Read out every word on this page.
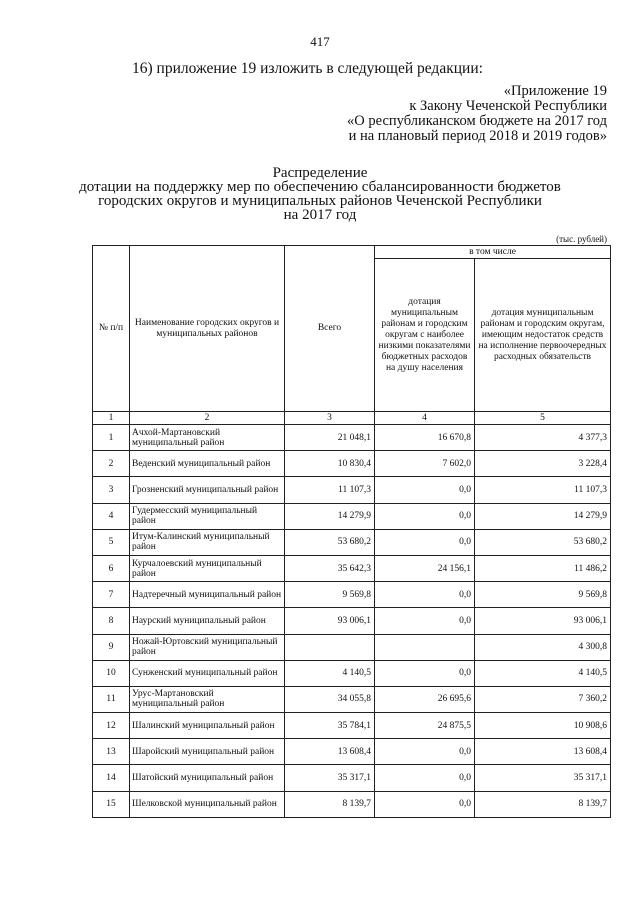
417
16) приложение 19 изложить в следующей редакции:
«Приложение 19
к Закону Чеченской Республики
«О республиканском бюджете на 2017 год
и на плановый период 2018 и 2019 годов»
Распределение
дотации на поддержку мер по обеспечению сбалансированности бюджетов
городских округов и муниципальных районов Чеченской Республики
на 2017 год
(тыс. рублей)
№ п/п	Наименование городских округов и муниципальных районов	Всего	в том числе	
			дотация муниципальным районам и городским округам с наиболее низкими показателями бюджетных расходов на душу населения	дотация муниципальным районам и городским округам, имеющим недостаток средств на исполнение первоочередных расходных обязательств
1	2	3	4	5
1	Ачхой-Мартановский муниципальный район	21 048,1	16 670,8	4 377,3
2	Веденский муниципальный район	10 830,4	7 602,0	3 228,4
3	Грозненский муниципальный район	11 107,3	0,0	11 107,3
4	Гудермесский муниципальный район	14 279,9	0,0	14 279,9
5	Итум-Калинский муниципальный район	53 680,2	0,0	53 680,2
6	Курчалоевский муниципальный район	35 642,3	24 156,1	11 486,2
7	Надтеречный муниципальный район	9 569,8	0,0	9 569,8
8	Наурский муниципальный район	93 006,1	0,0	93 006,1
9	Ножай-Юртовский муниципальный район			4 300,8
10	Сунженский муниципальный район	4 140,5	0,0	4 140,5
11	Урус-Мартановский муниципальный район	34 055,8	26 695,6	7 360,2
12	Шалинский муниципальный район	35 784,1	24 875,5	10 908,6
13	Шаройский муниципальный район	13 608,4	0,0	13 608,4
14	Шатойский муниципальный район	35 317,1	0,0	35 317,1
15	Шелковской муниципальный район	8 139,7	0,0	8 139,7
